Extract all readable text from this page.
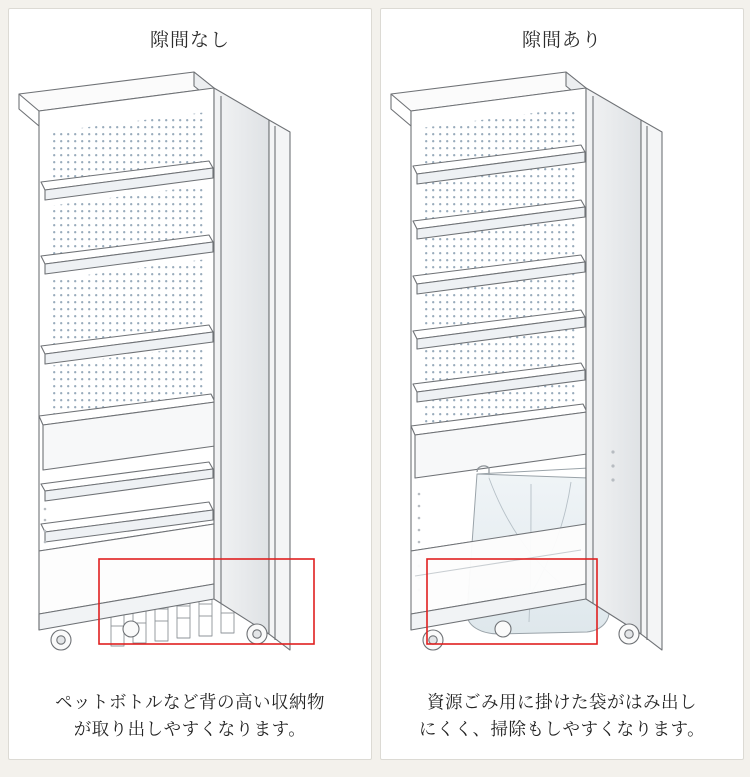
隙間なし
ペットボトルなど背の高い収納物
が取り出しやすくなります。
隙間あり
資源ごみ用に掛けた袋がはみ出し
にくく、掃除もしやすくなります。
